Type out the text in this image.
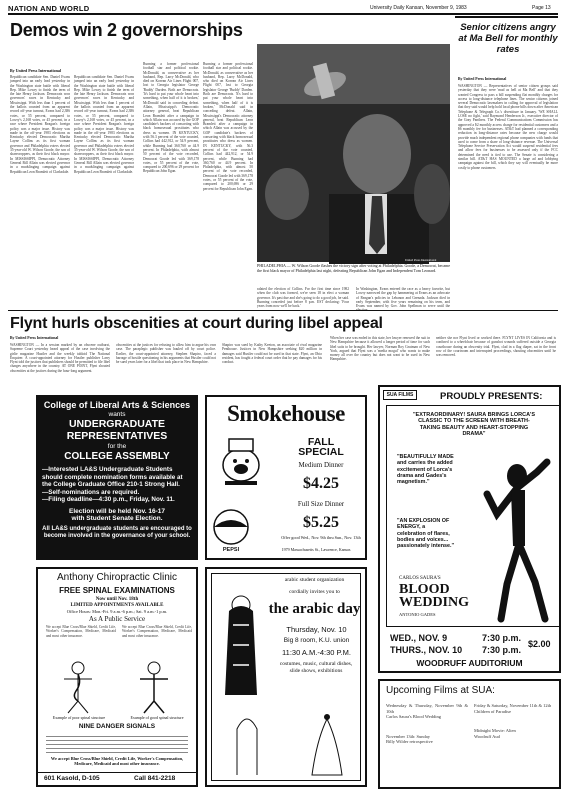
NATION AND WORLD	University Daily Kansan, November 9, 1983	Page 13
Demos win 2 governorships
By United Press International
Republican candidate Sen. Daniel Evans jumped into an early lead yesterday in the Washington state battle with liberal Rep. Mike Lowry to finish the term of the late Henry Jackson. Democrats won governors' races in Kentucky and Mississippi. With less than 1 percent of the ballots counted from an apparent record off-year turnout, Evans had 2,386 votes, or 55 percent, compared to Lowry's 2,168 votes, or 45 percent, in a race where President Reagan's foreign policy was a major issue. History was made in the off-year 1983 elections as Kentucky elected Democratic Martha Layne Collins as its first woman governor and Philadelphia voters elected 35-year-old W. Wilson Goode, the son of sharecroppers, as their first black mayor. In MISSISSIPPI, Democratic Attorney General Bill Allain was elected governor in a mudslinging campaign against Republican Leon Bramlett of Clarksdale.
Republican candidate Sen. Daniel Evans jumped into an early lead yesterday in the Washington state battle with liberal Rep. Mike Lowry to finish the term of the late Henry Jackson. Democrats won governors' races in Kentucky and Mississippi. With less than 1 percent of the ballots counted from an apparent record off-year turnout, Evans had 2,386 votes, or 55 percent, compared to Lowry's 2,168 votes, or 45 percent, in a race where President Reagan's foreign policy was a major issue. History was made in the off-year 1983 elections as Kentucky elected Democratic Martha Layne Collins as its first woman governor and Philadelphia voters elected 35-year-old W. Wilson Goode, the son of sharecroppers, as their first black mayor. In MISSISSIPPI, Democratic Attorney General Bill Allain was elected governor in a mudslinging campaign against Republican Leon Bramlett of Clarksdale.
Running a former professional football star and political rookie. McDonald, as conservative as her husband, Rep. Larry McDonald, who died on Korean Air Lines Flight 007, lost to Georgia legislator George 'Buddy' Darden. Both are Democrats. 'It's hard to put your whole heart into something, when half of it is broken,' McDonald said in conceding defeat. Allain, Mississippi's Democratic attorney general, beat Republican Leon Bramlett after a campaign in which Allain was accused by the GOP candidate's backers of consorting with black homosexual prostitutes who dress as women. IN KENTUCKY, with 56.3 percent of the vote counted, Collins had 442,912, or 54.9 percent, while Bunning had 360,760 or 44.9 percent. In Philadelphia, with almost 50 percent of the vote recorded, Democrat Goode led with 369,178 votes, or 55 percent of the vote, compared to 200,696 or 29 percent for Republican John Egan.
Running a former professional football star and political rookie. McDonald, as conservative as her husband, Rep. Larry McDonald, who died on Korean Air Lines Flight 007, lost to Georgia legislator George 'Buddy' Darden. Both are Democrats. 'It's hard to put your whole heart into something, when half of it is broken,' McDonald said in conceding defeat. Allain, Mississippi's Democratic attorney general, beat Republican Leon Bramlett after a campaign in which Allain was accused by the GOP candidate's backers of consorting with black homosexual prostitutes who dress as women. IN KENTUCKY, with 56.3 percent of the vote counted, Collins had 442,912, or 54.9 percent, while Bunning had 360,760 or 44.9 percent. In Philadelphia, with almost 50 percent of the vote recorded, Democrat Goode led with 369,178 votes, or 55 percent of the vote, compared to 200,696 or 29 percent for Republican John Egan.
PHILADELPHIA — W. Wilson Goode flashes the victory sign after voting at Philadelphia. Goode, a Democrat, became the first black mayor of Philadelphia last night, defeating Republican John Egan and Independent Tom Leonard.
United Press International
ralated the election of Collins. For the first time since 1982 when the club was formed, we're seen 18 in elect a woman governor. It's past due and she's going to do a good job, he said. Bunning conceded just before 8 p.m. EST declaring: 'Four years from now we'll be back.'
In Washington, Evans entered the race as a heavy favorite, but Lowry narrowed the gap by hammering at Evans as an advocate of Reagan's policies in Lebanon and Grenada. Jackson died in early September, with five years remaining on his term, and Evans was named by Gov. John Spellman to serve until the
Senior citizens angry at Ma Bell for monthly rates
By United Press International
WASHINGTON — Representatives of senior citizen groups said yesterday that they were 'mad as hell at Ma Bell' and that they wanted Congress to pass a bill suspending flat monthly charges for access to long-distance telephone lines. The senior citizens joined several Democratic lawmakers in calling for approval of legislation that they said would help hold local phone bills down after American Telephone & Telegraph Co.'s divestiture in January. 'WE SHALL LOSE no fight,' said Raymond Henderson Jr., executive director of the Gray Panthers. The Federal Communications Commission has approved a $2 monthly access charge for residential customers and a $6 monthly fee for businesses. AT&T had planned a corresponding reduction in long-distance rates because the new charge would provide much independent regional phone companies with funds that used to come from a share of long-distance revenue. The Universal Telephone Service Preservation Act would suspend residential fees and allow fees for businesses to be assessed only if the FCC determined the need is tied to use. The Senate is considering a similar bill. AT&T HAS MOUNTED a large ad and lobbying campaign against the bill, which they say will eventually be more costly to phone customers.
Flynt hurls obscenities at court during libel appeal
By United Press International
WASHINGTON — In a session marked by an obscene outburst, Supreme Court yesterday heard appeal of the case involving the girlie magazine Hustler and the weekly tabloid The National Enquirer. A court-appointed attorney for Hustler publisher Larry Flynt told the justices that publishers should be permitted to file libel charges anywhere in the country. AT ONE POINT, Flynt shouted obscenities at the justices during the hour-long argument.
obscenities at the justices for refusing to allow him to argue his own case. The paraplegic publisher was hauled off by court police. Earlier, the court-appointed attorney, Stephen Shapiro, faced a barrage of hostile questioning in his arguments that Hustler could not be sued years later for a libel that took place in New Hampshire.
Shapiro was sued by Kathy Keeton, an associate of rival magazine Penthouse. Justices in New Hampshire seeking $20 million in damages said Hustler could not be sued in that state. Flynt, an Ohio resident, has fought a federal court order that he pay damages for his conduct.
When her case was ended in this state, her lawyer renewed the suit in New Hampshire because it allowed a longer period of time for such libel suits to be brought. Her lawyer, Norman Roy Grutman of New York, argued that Flynt was a 'media mogul' who wants to make money all over the country but does not want to be sued in New Hampshire.
neither she nor Flynt lived or worked there. FLYNT LIVES IN California and is confined to a wheelchair because of gunshot wounds suffered outside a Georgia courthouse during an obscenity trial. Flynt, clad in a flag diaper, sat in the front row of the courtroom and interrupted proceedings, shouting obscenities until he was removed.
College of Liberal Arts & Sciences
wants
UNDERGRADUATE REPRESENTATIVES
for the
COLLEGE ASSEMBLY
—Interested LA&S Undergraduate Students should complete nomination forms available at the College Graduate Office 210-1 Strong Hall.
—Self-nominations are required.
—Filing deadline—4:30 p.m., Friday, Nov. 11.
Election will be held Nov. 16-17
with Student Senate Election.
All LA&S undergraduate students are encouraged to become involved in the governance of your school.
Smokehouse
PEPSI
FALL
SPECIAL
Medium Dinner
$4.25
Full Size Dinner
$5.25
Offer good Wed., Nov. 9th thru Sun., Nov. 13th
1979 Massachusetts St., Lawrence, Kansas
SUA FILMS	PROUDLY PRESENTS:
"EXTRAORDINARY! SAURA BRINGS LORCA'S CLASSIC TO THE SCREEN WITH BREATH-TAKING BEAUTY AND HEART-STOPPING DRAMA"
"BEAUTIFULLY MADE and carries the added excitement of Lorca's drama and Gades's magnetism."
"AN EXPLOSION OF ENERGY, a celebration of flares, bodies and voices... passionately intense."
CARLOS SAURA'S
BLOOD
WEDDING
ANTONIO GADES
WED., NOV. 9	7:30 p.m.
THURS., NOV. 10 7:30 p.m.
$2.00
WOODRUFF AUDITORIUM
Anthony Chiropractic Clinic
FREE SPINAL EXAMINATIONS
Now until Nov. 18th
LIMITED APPOINTMENTS AVAILABLE
Office Hours: Mon.-Fri. 9 a.m.-6 p.m.; Sat. 9 a.m.-1 p.m.
As A Public Service
We accept Blue Cross/Blue Shield, Credit Life, Worker's Compensation, Medicare, Medicaid and most other insurance.
We accept Blue Cross/Blue Shield, Credit Life, Worker's Compensation, Medicare, Medicaid and most other insurance.
Example of poor spinal structure	Example of good spinal structure
NINE DANGER SIGNALS
We accept Blue Cross/Blue Shield, Credit Life, Worker's Compensation, Medicare, Medicaid and most other insurance.
601 Kasold, D-105	Call 841-2218
arabic student organization
cordially invites you to
the arabic day
Thursday, Nov. 10
Big 8 room, K.U. union
11:30 A.M.-4:30 P.M.
costumes, music, cultural dishes, slide shows, exhibitions
Upcoming Films at SUA:
Wednesday & Thursday, November 9th & 10th
Carlos Saura's Blood Wedding
November 13th: Sunday
Billy Wilder retrospective
Friday & Saturday, November 11th & 12th
Children of Paradise
Midnight Movie: Alien
Woodruff Aud
